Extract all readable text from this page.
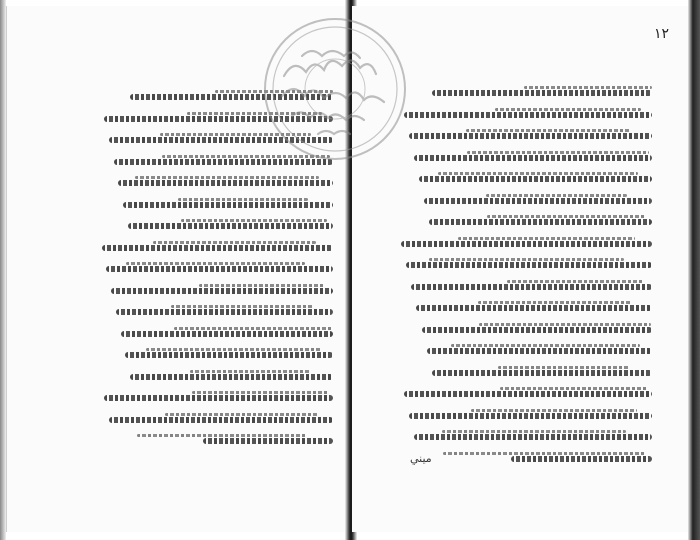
١٢
ميني
